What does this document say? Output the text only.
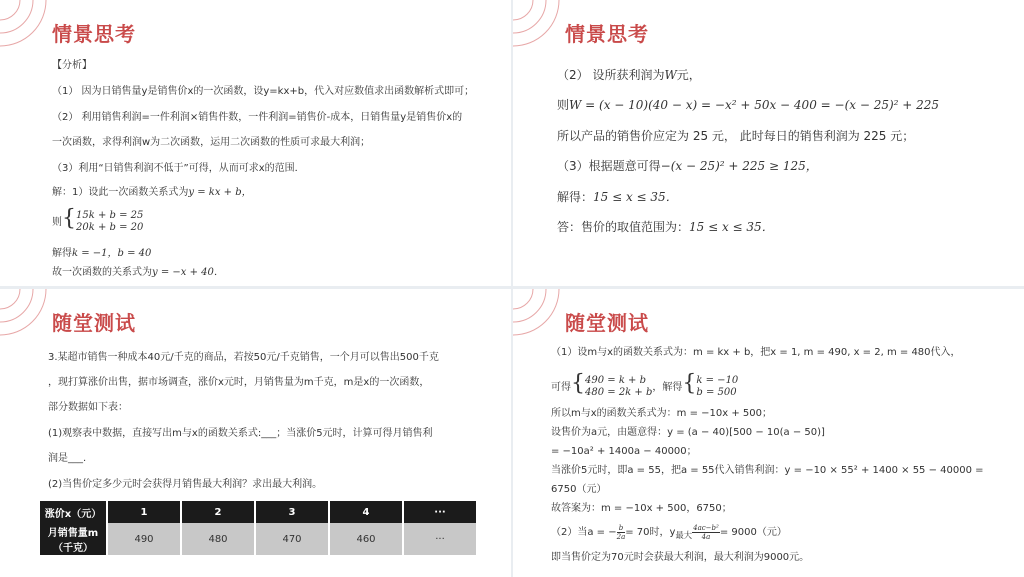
情景思考
【分析】
（1） 因为日销售量y是销售价x的一次函数，设y=kx+b，代入对应数值求出函数解析式即可；
（2） 利用销售利润=一件利润×销售件数，一件利润=销售价-成本，日销售量y是销售价x的
一次函数，求得利润w为二次函数，运用二次函数的性质可求最大利润；
（3）利用“日销售利润不低于”可得，从而可求x的范围．
解：1）设此一次函数关系式为y = kx + b，
则{15k + b = 25
20k + b = 20
解得k = −1，b = 40
故一次函数的关系式为y = −x + 40．
情景思考
（2） 设所获利润为W元，
则W = (x − 10)(40 − x) = −x² + 50x − 400 = −(x − 25)² + 225
所以产品的销售价应定为 25 元， 此时每日的销售利润为 225 元；
（3）根据题意可得−(x − 25)² + 225 ≥ 125，
解得：15 ≤ x ≤ 35．
答：售价的取值范围为：15 ≤ x ≤ 35．
随堂测试
3.某超市销售一种成本40元/千克的商品，若按50元/千克销售，一个月可以售出500千克
，现打算涨价出售，据市场调查，涨价x元时，月销售量为m千克，m是x的一次函数，
部分数据如下表：
(1)观察表中数据，直接写出m与x的函数关系式:___；当涨价5元时，计算可得月销售利
润是___.
(2)当售价定多少元时会获得月销售最大利润？求出最大利润。
涨价x（元）	1	2	3	4	···
月销售量m（千克）	490	480	470	460	···
随堂测试
（1）设m与x的函数关系式为：m = kx + b，把x = 1, m = 490, x = 2, m = 480代入，
可得{490 = k + b
480 = 2k + b，解得{k = −10
b = 500
所以m与x的函数关系式为：m = −10x + 500；
设售价为a元，由题意得：y = (a − 40)[500 − 10(a − 50)]
= −10a² + 1400a − 40000；
当涨价5元时，即a = 55，把a = 55代入销售利润：y = −10 × 55² + 1400 × 55 − 40000 =
6750（元）
故答案为：m = −10x + 500，6750；
（2）当a = − $\frac{b}{2a}= 70$时，$y_{最大} \frac{\text{4ac−b²}}{4a}= 9000$（元）
即当售价定为70元时会获最大利润，最大利润为9000元。
